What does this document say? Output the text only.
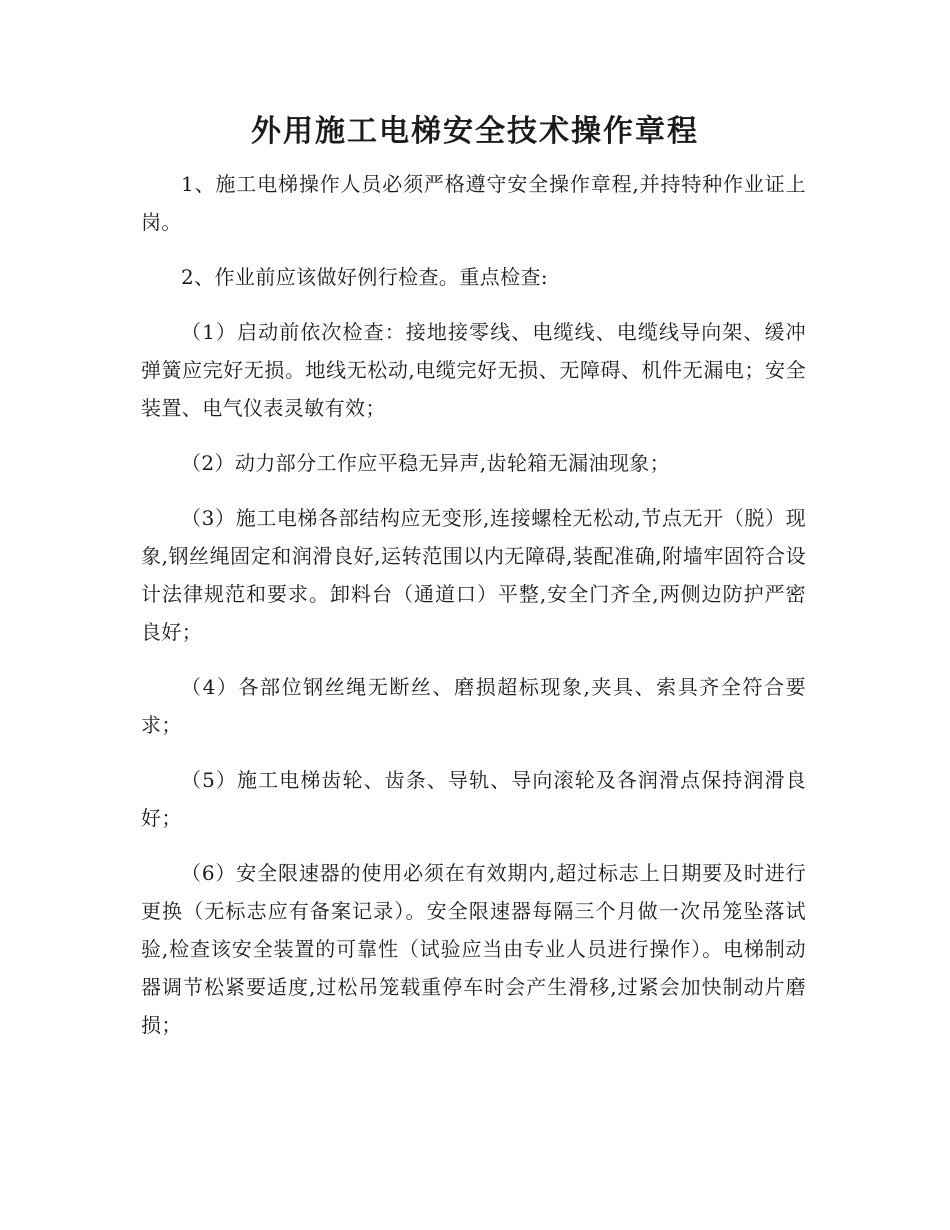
外用施工电梯安全技术操作章程

1、施工电梯操作人员必须严格遵守安全操作章程,并持特种作业证上岗。

2、作业前应该做好例行检查。重点检查:

（1）启动前依次检查：接地接零线、电缆线、电缆线导向架、缓冲弹簧应完好无损。地线无松动,电缆完好无损、无障碍、机件无漏电；安全装置、电气仪表灵敏有效；

（2）动力部分工作应平稳无异声,齿轮箱无漏油现象；

（3）施工电梯各部结构应无变形,连接螺栓无松动,节点无开（脱）现象,钢丝绳固定和润滑良好,运转范围以内无障碍,装配准确,附墙牢固符合设计法律规范和要求。卸料台（通道口）平整,安全门齐全,两侧边防护严密良好；

（4）各部位钢丝绳无断丝、磨损超标现象,夹具、索具齐全符合要求；

（5）施工电梯齿轮、齿条、导轨、导向滚轮及各润滑点保持润滑良好；

（6）安全限速器的使用必须在有效期内,超过标志上日期要及时进行更换（无标志应有备案记录）。安全限速器每隔三个月做一次吊笼坠落试验,检查该安全装置的可靠性（试验应当由专业人员进行操作）。电梯制动器调节松紧要适度,过松吊笼载重停车时会产生滑移,过紧会加快制动片磨损；
